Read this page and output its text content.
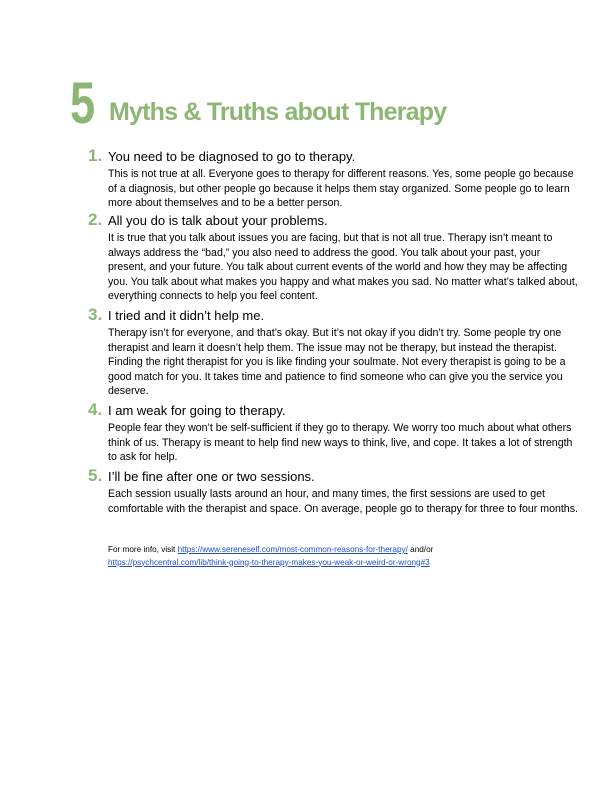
5 Myths & Truths about Therapy
1. You need to be diagnosed to go to therapy.
This is not true at all. Everyone goes to therapy for different reasons. Yes, some people go because of a diagnosis, but other people go because it helps them stay organized. Some people go to learn more about themselves and to be a better person.
2. All you do is talk about your problems.
It is true that you talk about issues you are facing, but that is not all true. Therapy isn’t meant to always address the “bad,” you also need to address the good. You talk about your past, your present, and your future. You talk about current events of the world and how they may be affecting you. You talk about what makes you happy and what makes you sad. No matter what’s talked about, everything connects to help you feel content.
3. I tried and it didn’t help me.
Therapy isn’t for everyone, and that’s okay. But it’s not okay if you didn’t try. Some people try one therapist and learn it doesn’t help them. The issue may not be therapy, but instead the therapist. Finding the right therapist for you is like finding your soulmate. Not every therapist is going to be a good match for you. It takes time and patience to find someone who can give you the service you deserve.
4. I am weak for going to therapy.
People fear they won’t be self-sufficient if they go to therapy. We worry too much about what others think of us. Therapy is meant to help find new ways to think, live, and cope. It takes a lot of strength to ask for help.
5. I’ll be fine after one or two sessions.
Each session usually lasts around an hour, and many times, the first sessions are used to get comfortable with the therapist and space. On average, people go to therapy for three to four months.
For more info, visit https://www.sereneself.com/most-common-reasons-for-therapy/ and/or
https://psychcentral.com/lib/think-going-to-therapy-makes-you-weak-or-weird-or-wrong#3
